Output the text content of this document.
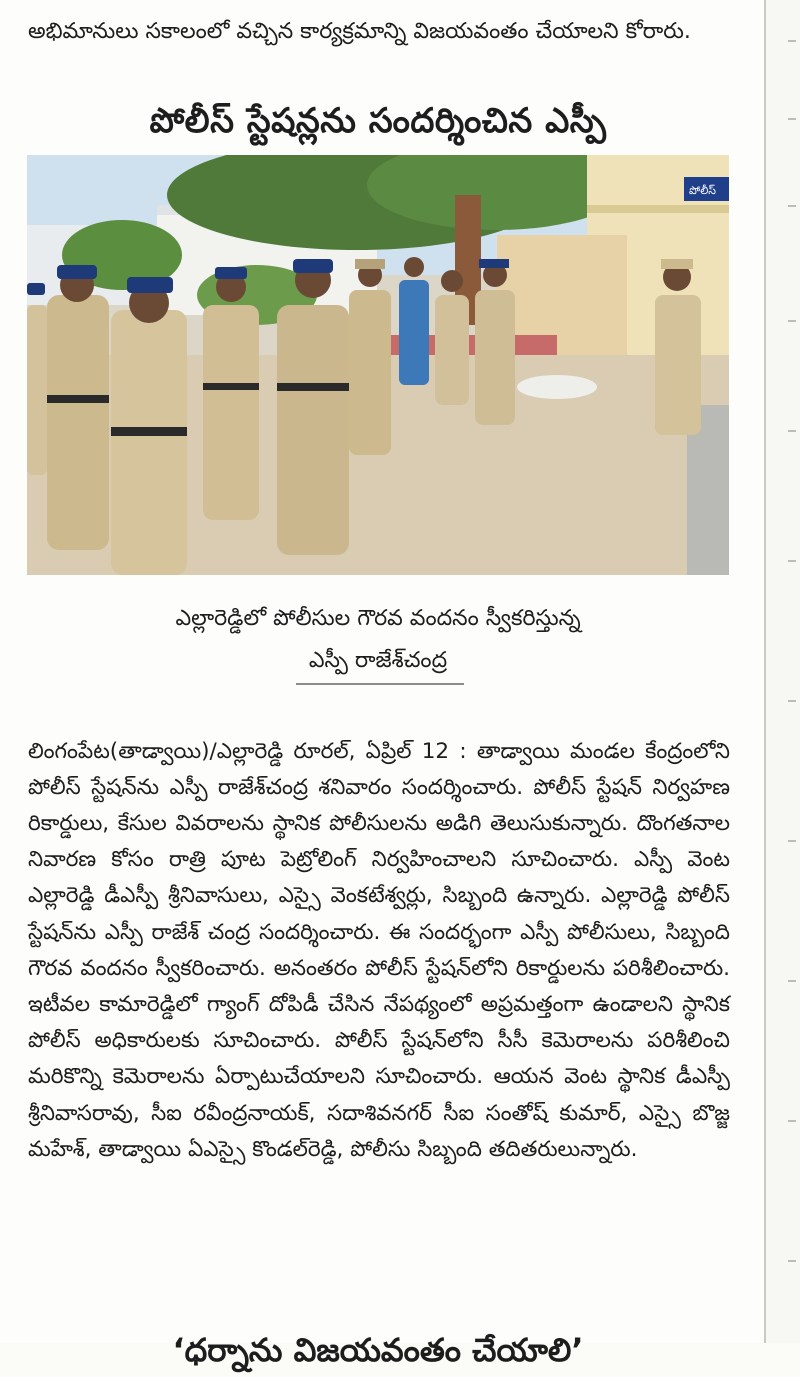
అభిమానులు సకాలంలో వచ్చిన కార్యక్రమాన్ని విజయవంతం చేయాలని కోరారు.

పోలీస్ స్టేషన్లను సందర్శించిన ఎస్పీ
పోలీస్
ఎల్లారెడ్డిలో పోలీసుల గౌరవ వందనం స్వీకరిస్తున్న
ఎస్పీ రాజేశ్‌చంద్ర

లింగంపేట(తాడ్వాయి)/ఎల్లారెడ్డి రూరల్, ఏప్రిల్ 12 : తాడ్వాయి మండల కేంద్రంలోని పోలీస్ స్టేషన్‌ను ఎస్పీ రాజేశ్‌చంద్ర శనివారం సందర్శించారు. పోలీస్ స్టేషన్ నిర్వహణ రికార్డులు, కేసుల వివరాలను స్థానిక పోలీసులను అడిగి తెలుసుకున్నారు. దొంగతనాల నివారణ కోసం రాత్రి పూట పెట్రోలింగ్ నిర్వహించాలని సూచించారు. ఎస్పీ వెంట ఎల్లారెడ్డి డీఎస్పీ శ్రీనివాసులు, ఎస్సై వెంకటేశ్వర్లు, సిబ్బంది ఉన్నారు. ఎల్లారెడ్డి పోలీస్ స్టేషన్‌ను ఎస్పీ రాజేశ్ చంద్ర సందర్శించారు. ఈ సందర్భంగా ఎస్పీ పోలీసులు, సిబ్బంది గౌరవ వందనం స్వీకరించారు. అనంతరం పోలీస్ స్టేషన్‌లోని రికార్డులను పరిశీలించారు. ఇటీవల కామారెడ్డిలో గ్యాంగ్ దోపిడీ చేసిన నేపథ్యంలో అప్రమత్తంగా ఉండాలని స్థానిక పోలీస్ అధికారులకు సూచించారు. పోలీస్ స్టేషన్‌లోని సీసీ కెమెరాలను పరిశీలించి మరికొన్ని కెమెరాలను ఏర్పాటుచేయాలని సూచించారు. ఆయన వెంట స్థానిక డీఎస్పీ శ్రీనివాసరావు, సీఐ రవీంద్రనాయక్, సదాశివనగర్ సీఐ సంతోష్ కుమార్, ఎస్సై బొజ్జ మహేశ్, తాడ్వాయి ఏఎస్సై కొండల్‌రెడ్డి, పోలీసు సిబ్బంది తదితరులున్నారు.

‘ధర్నాను విజయవంతం చేయాలి’
